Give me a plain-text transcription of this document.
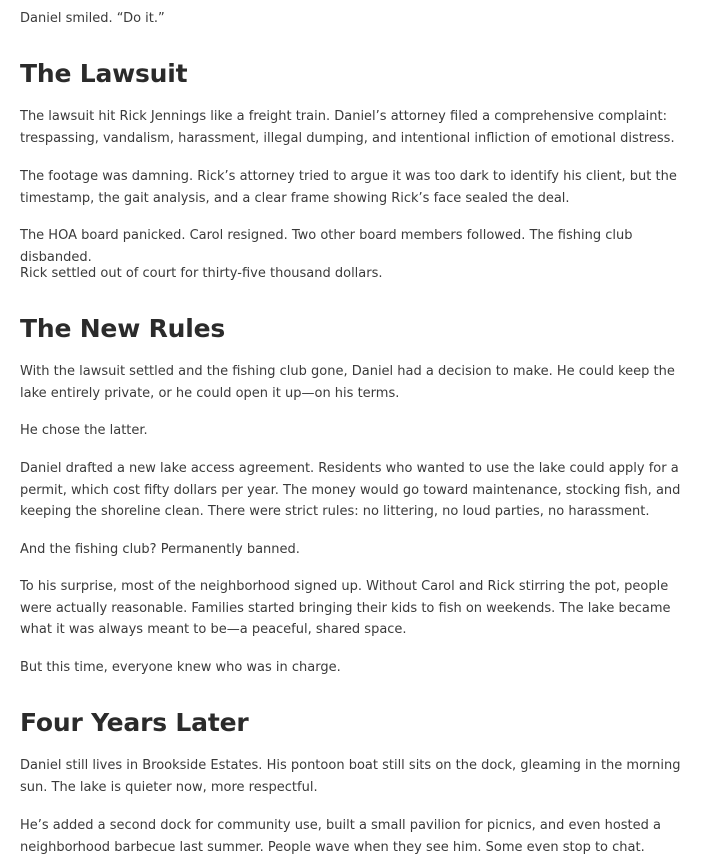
Daniel smiled. “Do it.”

The Lawsuit

The lawsuit hit Rick Jennings like a freight train. Daniel’s attorney filed a comprehensive complaint: trespassing, vandalism, harassment, illegal dumping, and intentional infliction of emotional distress.

The footage was damning. Rick’s attorney tried to argue it was too dark to identify his client, but the timestamp, the gait analysis, and a clear frame showing Rick’s face sealed the deal.

The HOA board panicked. Carol resigned. Two other board members followed. The fishing club disbanded.

Rick settled out of court for thirty-five thousand dollars.

The New Rules

With the lawsuit settled and the fishing club gone, Daniel had a decision to make. He could keep the lake entirely private, or he could open it up—on his terms.

He chose the latter.

Daniel drafted a new lake access agreement. Residents who wanted to use the lake could apply for a permit, which cost fifty dollars per year. The money would go toward maintenance, stocking fish, and keeping the shoreline clean. There were strict rules: no littering, no loud parties, no harassment.

And the fishing club? Permanently banned.

To his surprise, most of the neighborhood signed up. Without Carol and Rick stirring the pot, people were actually reasonable. Families started bringing their kids to fish on weekends. The lake became what it was always meant to be—a peaceful, shared space.

But this time, everyone knew who was in charge.

Four Years Later

Daniel still lives in Brookside Estates. His pontoon boat still sits on the dock, gleaming in the morning sun. The lake is quieter now, more respectful.

He’s added a second dock for community use, built a small pavilion for picnics, and even hosted a neighborhood barbecue last summer. People wave when they see him. Some even stop to chat.
